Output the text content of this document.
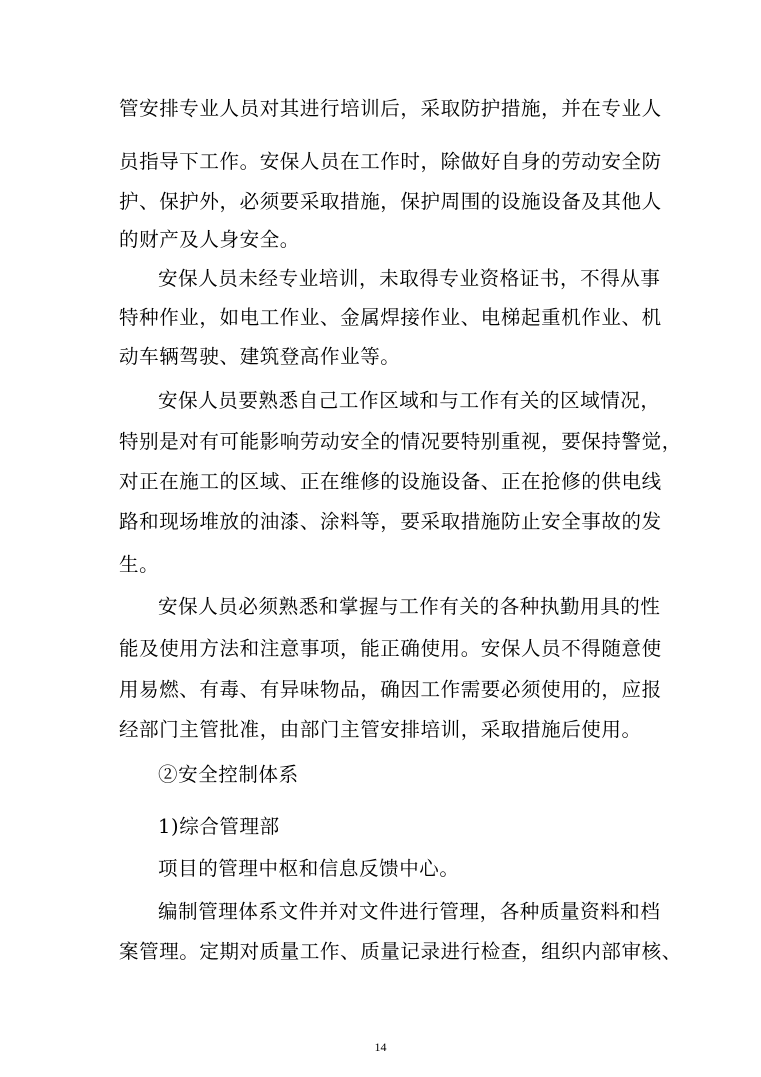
管安排专业人员对其进行培训后，采取防护措施，并在专业人
员指导下工作。安保人员在工作时，除做好自身的劳动安全防
护、保护外，必须要采取措施，保护周围的设施设备及其他人
的财产及人身安全。
安保人员未经专业培训，未取得专业资格证书，不得从事
特种作业，如电工作业、金属焊接作业、电梯起重机作业、机
动车辆驾驶、建筑登高作业等。
安保人员要熟悉自己工作区域和与工作有关的区域情况，
特别是对有可能影响劳动安全的情况要特别重视，要保持警觉，
对正在施工的区域、正在维修的设施设备、正在抢修的供电线
路和现场堆放的油漆、涂料等，要采取措施防止安全事故的发
生。
安保人员必须熟悉和掌握与工作有关的各种执勤用具的性
能及使用方法和注意事项，能正确使用。安保人员不得随意使
用易燃、有毒、有异味物品，确因工作需要必须使用的，应报
经部门主管批准，由部门主管安排培训，采取措施后使用。
②安全控制体系
1)综合管理部
项目的管理中枢和信息反馈中心。
编制管理体系文件并对文件进行管理，各种质量资料和档
案管理。定期对质量工作、质量记录进行检查，组织内部审核、
14
